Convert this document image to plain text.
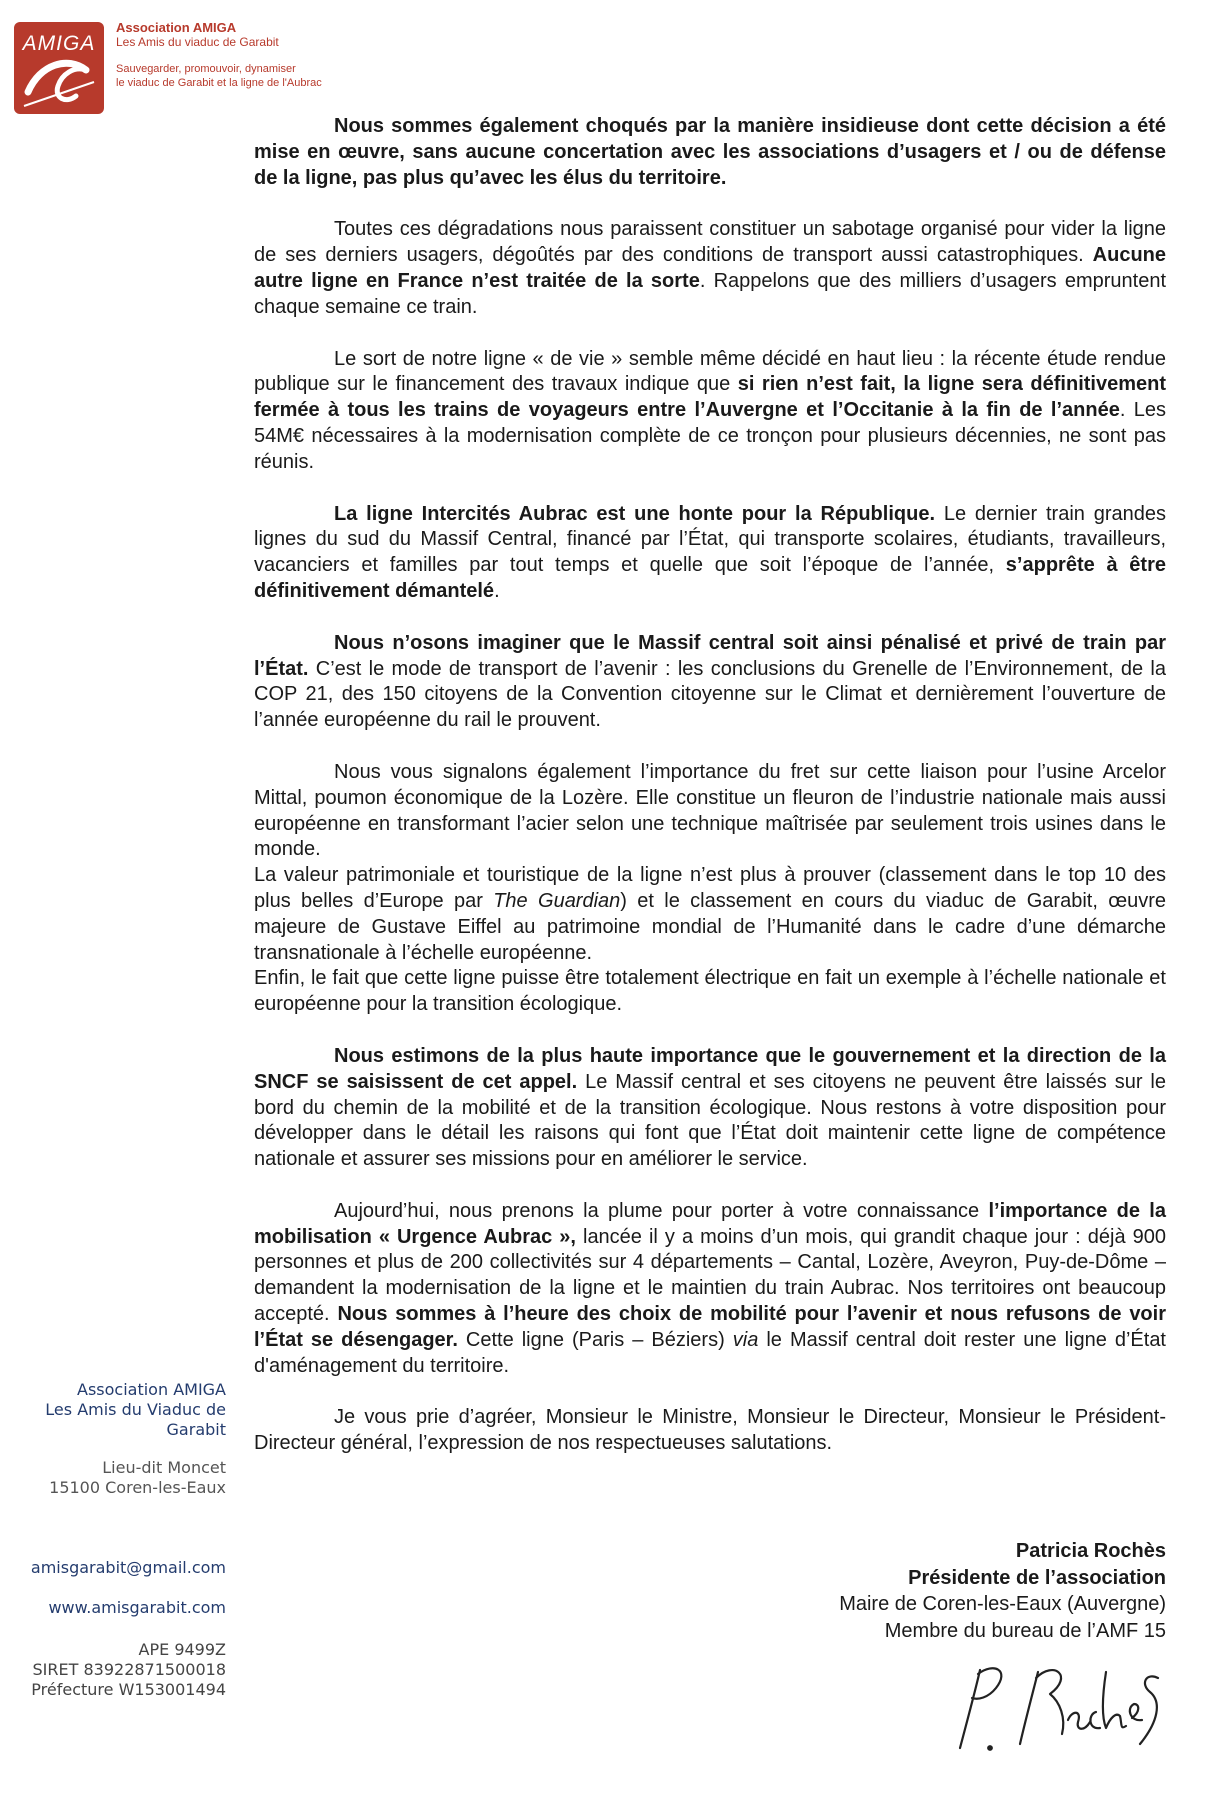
AMIGA
Association AMIGA
Les Amis du viaduc de Garabit
Sauvegarder, promouvoir, dynamiser
le viaduc de Garabit et la ligne de l'Aubrac

Nous sommes également choqués par la manière insidieuse dont cette décision a été mise en œuvre, sans aucune concertation avec les associations d’usagers et / ou de défense de la ligne, pas plus qu’avec les élus du territoire.

Toutes ces dégradations nous paraissent constituer un sabotage organisé pour vider la ligne de ses derniers usagers, dégoûtés par des conditions de transport aussi catastrophiques. Aucune autre ligne en France n’est traitée de la sorte. Rappelons que des milliers d’usagers empruntent chaque semaine ce train.

Le sort de notre ligne « de vie » semble même décidé en haut lieu : la récente étude rendue publique sur le financement des travaux indique que si rien n’est fait, la ligne sera définitivement fermée à tous les trains de voyageurs entre l’Auvergne et l’Occitanie à la fin de l’année. Les 54M€ nécessaires à la modernisation complète de ce tronçon pour plusieurs décennies, ne sont pas réunis.

La ligne Intercités Aubrac est une honte pour la République. Le dernier train grandes lignes du sud du Massif Central, financé par l’État, qui transporte scolaires, étudiants, travailleurs, vacanciers et familles par tout temps et quelle que soit l’époque de l’année, s’apprête à être définitivement démantelé.

Nous n’osons imaginer que le Massif central soit ainsi pénalisé et privé de train par l’État. C’est le mode de transport de l’avenir : les conclusions du Grenelle de l’Environnement, de la COP 21, des 150 citoyens de la Convention citoyenne sur le Climat et dernièrement l’ouverture de l’année européenne du rail le prouvent.

Nous vous signalons également l’importance du fret sur cette liaison pour l’usine Arcelor Mittal, poumon économique de la Lozère. Elle constitue un fleuron de l’industrie nationale mais aussi européenne en transformant l’acier selon une technique maîtrisée par seulement trois usines dans le monde.

La valeur patrimoniale et touristique de la ligne n’est plus à prouver (classement dans le top 10 des plus belles d’Europe par The Guardian) et le classement en cours du viaduc de Garabit, œuvre majeure de Gustave Eiffel au patrimoine mondial de l’Humanité dans le cadre d’une démarche transnationale à l’échelle européenne.

Enfin, le fait que cette ligne puisse être totalement électrique en fait un exemple à l’échelle nationale et européenne pour la transition écologique.

Nous estimons de la plus haute importance que le gouvernement et la direction de la SNCF se saisissent de cet appel. Le Massif central et ses citoyens ne peuvent être laissés sur le bord du chemin de la mobilité et de la transition écologique. Nous restons à votre disposition pour développer dans le détail les raisons qui font que l’État doit maintenir cette ligne de compétence nationale et assurer ses missions pour en améliorer le service.

Aujourd’hui, nous prenons la plume pour porter à votre connaissance l’importance de la mobilisation « Urgence Aubrac », lancée il y a moins d’un mois, qui grandit chaque jour : déjà 900 personnes et plus de 200 collectivités sur 4 départements – Cantal, Lozère, Aveyron, Puy-de-Dôme – demandent la modernisation de la ligne et le maintien du train Aubrac. Nos territoires ont beaucoup accepté. Nous sommes à l’heure des choix de mobilité pour l’avenir et nous refusons de voir l’État se désengager. Cette ligne (Paris – Béziers) via le Massif central doit rester une ligne d’État d'aménagement du territoire.

Je vous prie d’agréer, Monsieur le Ministre, Monsieur le Directeur, Monsieur le Président-Directeur général, l’expression de nos respectueuses salutations.

Patricia Rochès
Présidente de l’association
Maire de Coren-les-Eaux (Auvergne)
Membre du bureau de l’AMF 15
Association AMIGA
Les Amis du Viaduc de Garabit
Lieu-dit Moncet
15100 Coren-les-Eaux
amisgarabit@gmail.com
www.amisgarabit.com
APE 9499Z
SIRET 83922871500018
Préfecture W153001494
